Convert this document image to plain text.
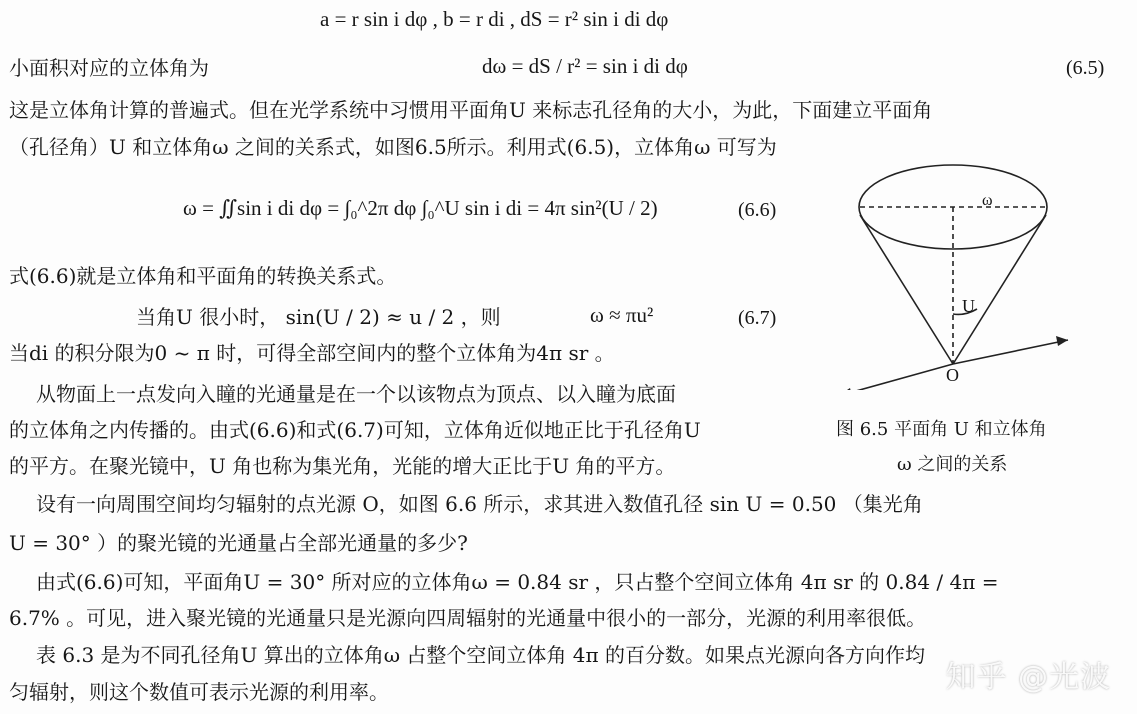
a = r sin i dφ , b = r di , dS = r² sin i di dφ
小面积对应的立体角为	dω = dS / r² = sin i di dφ	(6.5)
这是立体角计算的普遍式。但在光学系统中习惯用平面角U 来标志孔径角的大小，为此，下面建立平面角
（孔径角）U 和立体角ω 之间的关系式，如图6.5所示。利用式(6.5)，立体角ω 可写为
ω = ∬sin i di dφ = ∫₀^2π dφ ∫₀^U sin i di = 4π sin²(U / 2)	(6.6)
式(6.6)就是立体角和平面角的转换关系式。
当角U 很小时， sin(U / 2) ≈ u / 2 ，则	ω ≈ πu²	(6.7)
当di 的积分限为0 ~ π 时，可得全部空间内的整个立体角为4π sr 。
从物面上一点发向入瞳的光通量是在一个以该物点为顶点、以入瞳为底面
的立体角之内传播的。由式(6.6)和式(6.7)可知，立体角近似地正比于孔径角U
的平方。在聚光镜中，U 角也称为集光角，光能的增大正比于U 角的平方。
设有一向周围空间均匀辐射的点光源 O，如图 6.6 所示，求其进入数值孔径 sin U = 0.50 （集光角
U = 30° ）的聚光镜的光通量占全部光通量的多少?
由式(6.6)可知，平面角U = 30° 所对应的立体角ω = 0.84 sr ，只占整个空间立体角 4π sr 的 0.84 / 4π =
6.7% 。可见，进入聚光镜的光通量只是光源向四周辐射的光通量中很小的一部分，光源的利用率很低。
表 6.3 是为不同孔径角U 算出的立体角ω 占整个空间立体角 4π 的百分数。如果点光源向各方向作均
匀辐射，则这个数值可表示光源的利用率。
ω
U
O
图 6.5 平面角 U 和立体角
ω 之间的关系
知乎 @光波
